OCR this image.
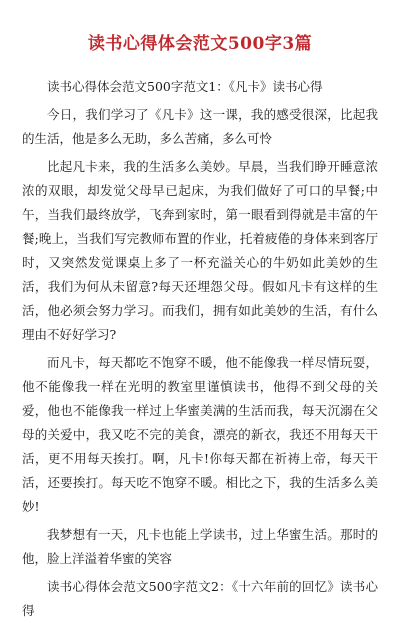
读书心得体会范文500字3篇

读书心得体会范文500字范文1：《凡卡》读书心得

今日，我们学习了《凡卡》这一课，我的感受很深，比起我的生活，他是多么无助，多么苦痛，多么可怜

比起凡卡来，我的生活多么美妙。早晨，当我们睁开睡意浓浓的双眼，却发觉父母早已起床，为我们做好了可口的早餐;中午，当我们最终放学，飞奔到家时，第一眼看到得就是丰富的午餐;晚上，当我们写完教师布置的作业，托着疲倦的身体来到客厅时，又突然发觉课桌上多了一杯充溢关心的牛奶如此美妙的生活，我们为何从未留意?每天还埋怨父母。假如凡卡有这样的生活，他必须会努力学习。而我们，拥有如此美妙的生活，有什么理由不好好学习?

而凡卡，每天都吃不饱穿不暖，他不能像我一样尽情玩耍，他不能像我一样在光明的教室里谨慎读书，他得不到父母的关爱，他也不能像我一样过上华蜜美满的生活而我，每天沉溺在父母的关爱中，我又吃不完的美食，漂亮的新衣，我还不用每天干活，更不用每天挨打。啊，凡卡!你每天都在祈祷上帝，每天干活，还要挨打。每天吃不饱穿不暖。相比之下，我的生活多么美妙!

我梦想有一天，凡卡也能上学读书，过上华蜜生活。那时的他，脸上洋溢着华蜜的笑容

读书心得体会范文500字范文2：《十六年前的回忆》读书心得
